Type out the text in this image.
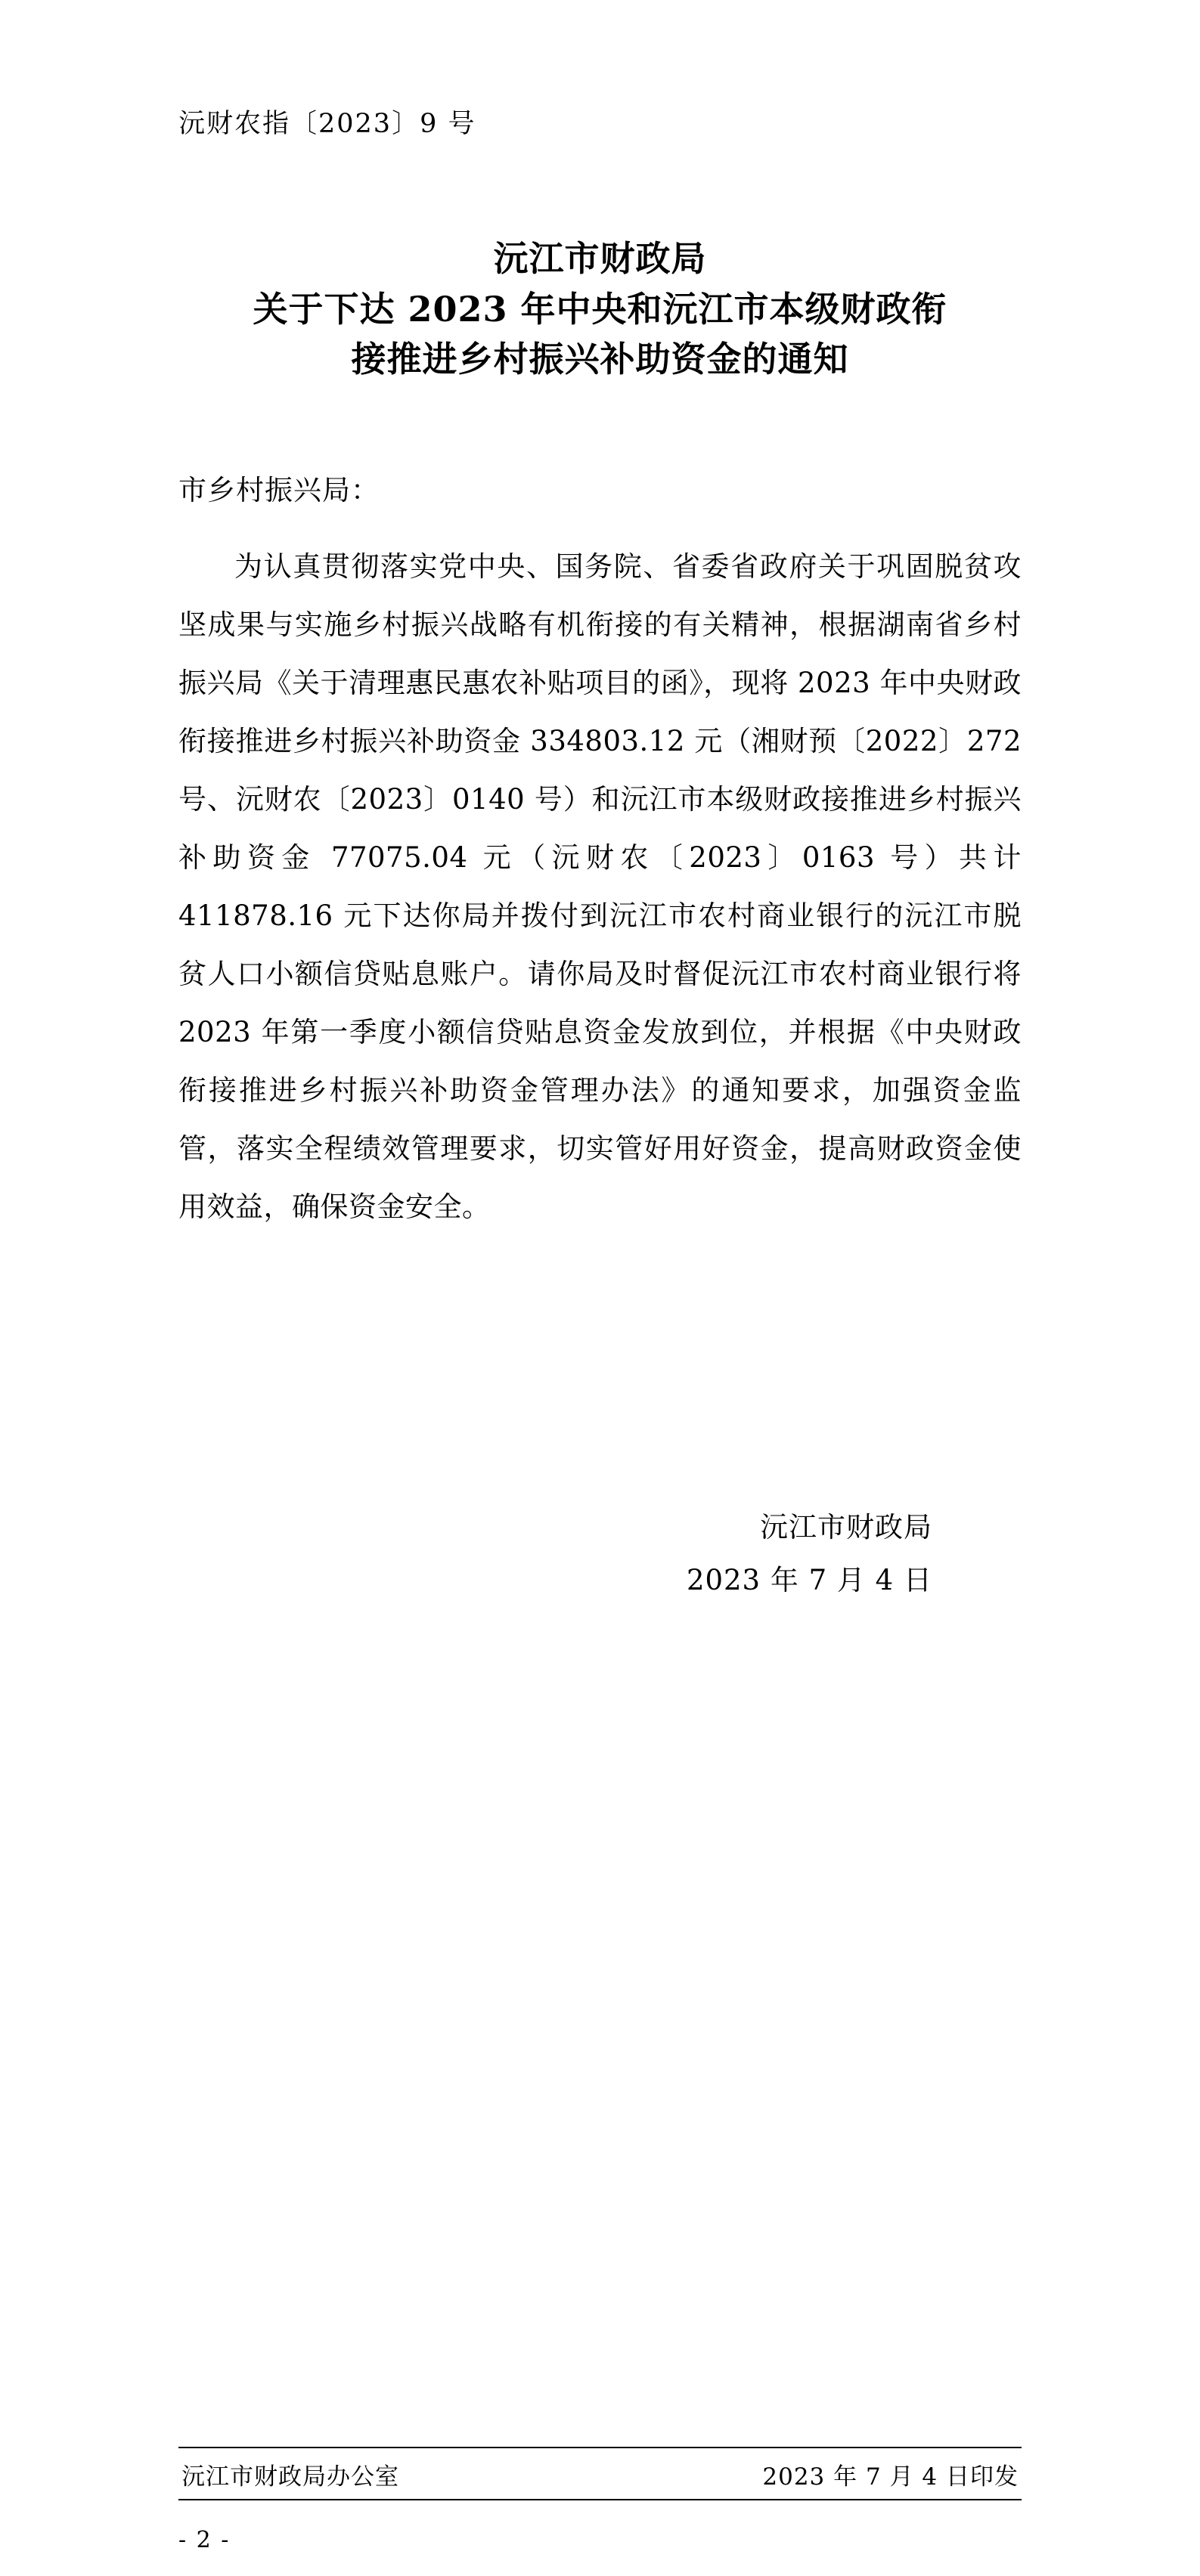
沅财农指〔2023〕9 号
沅江市财政局
关于下达 2023 年中央和沅江市本级财政衔
接推进乡村振兴补助资金的通知
市乡村振兴局：
为认真贯彻落实党中央、国务院、省委省政府关于巩固脱贫攻坚成果与实施乡村振兴战略有机衔接的有关精神，根据湖南省乡村振兴局《关于清理惠民惠农补贴项目的函》，现将 2023 年中央财政衔接推进乡村振兴补助资金 334803.12 元（湘财预〔2022〕272 号、沅财农〔2023〕0140 号）和沅江市本级财政接推进乡村振兴补助资金 77075.04 元（沅财农〔2023〕0163 号）共计 411878.16 元下达你局并拨付到沅江市农村商业银行的沅江市脱贫人口小额信贷贴息账户。请你局及时督促沅江市农村商业银行将 2023 年第一季度小额信贷贴息资金发放到位，并根据《中央财政衔接推进乡村振兴补助资金管理办法》的通知要求，加强资金监管，落实全程绩效管理要求，切实管好用好资金，提高财政资金使用效益，确保资金安全。
沅江市财政局
2023 年 7 月 4 日
沅江市财政局办公室	2023 年 7 月 4 日印发
- 2 -
